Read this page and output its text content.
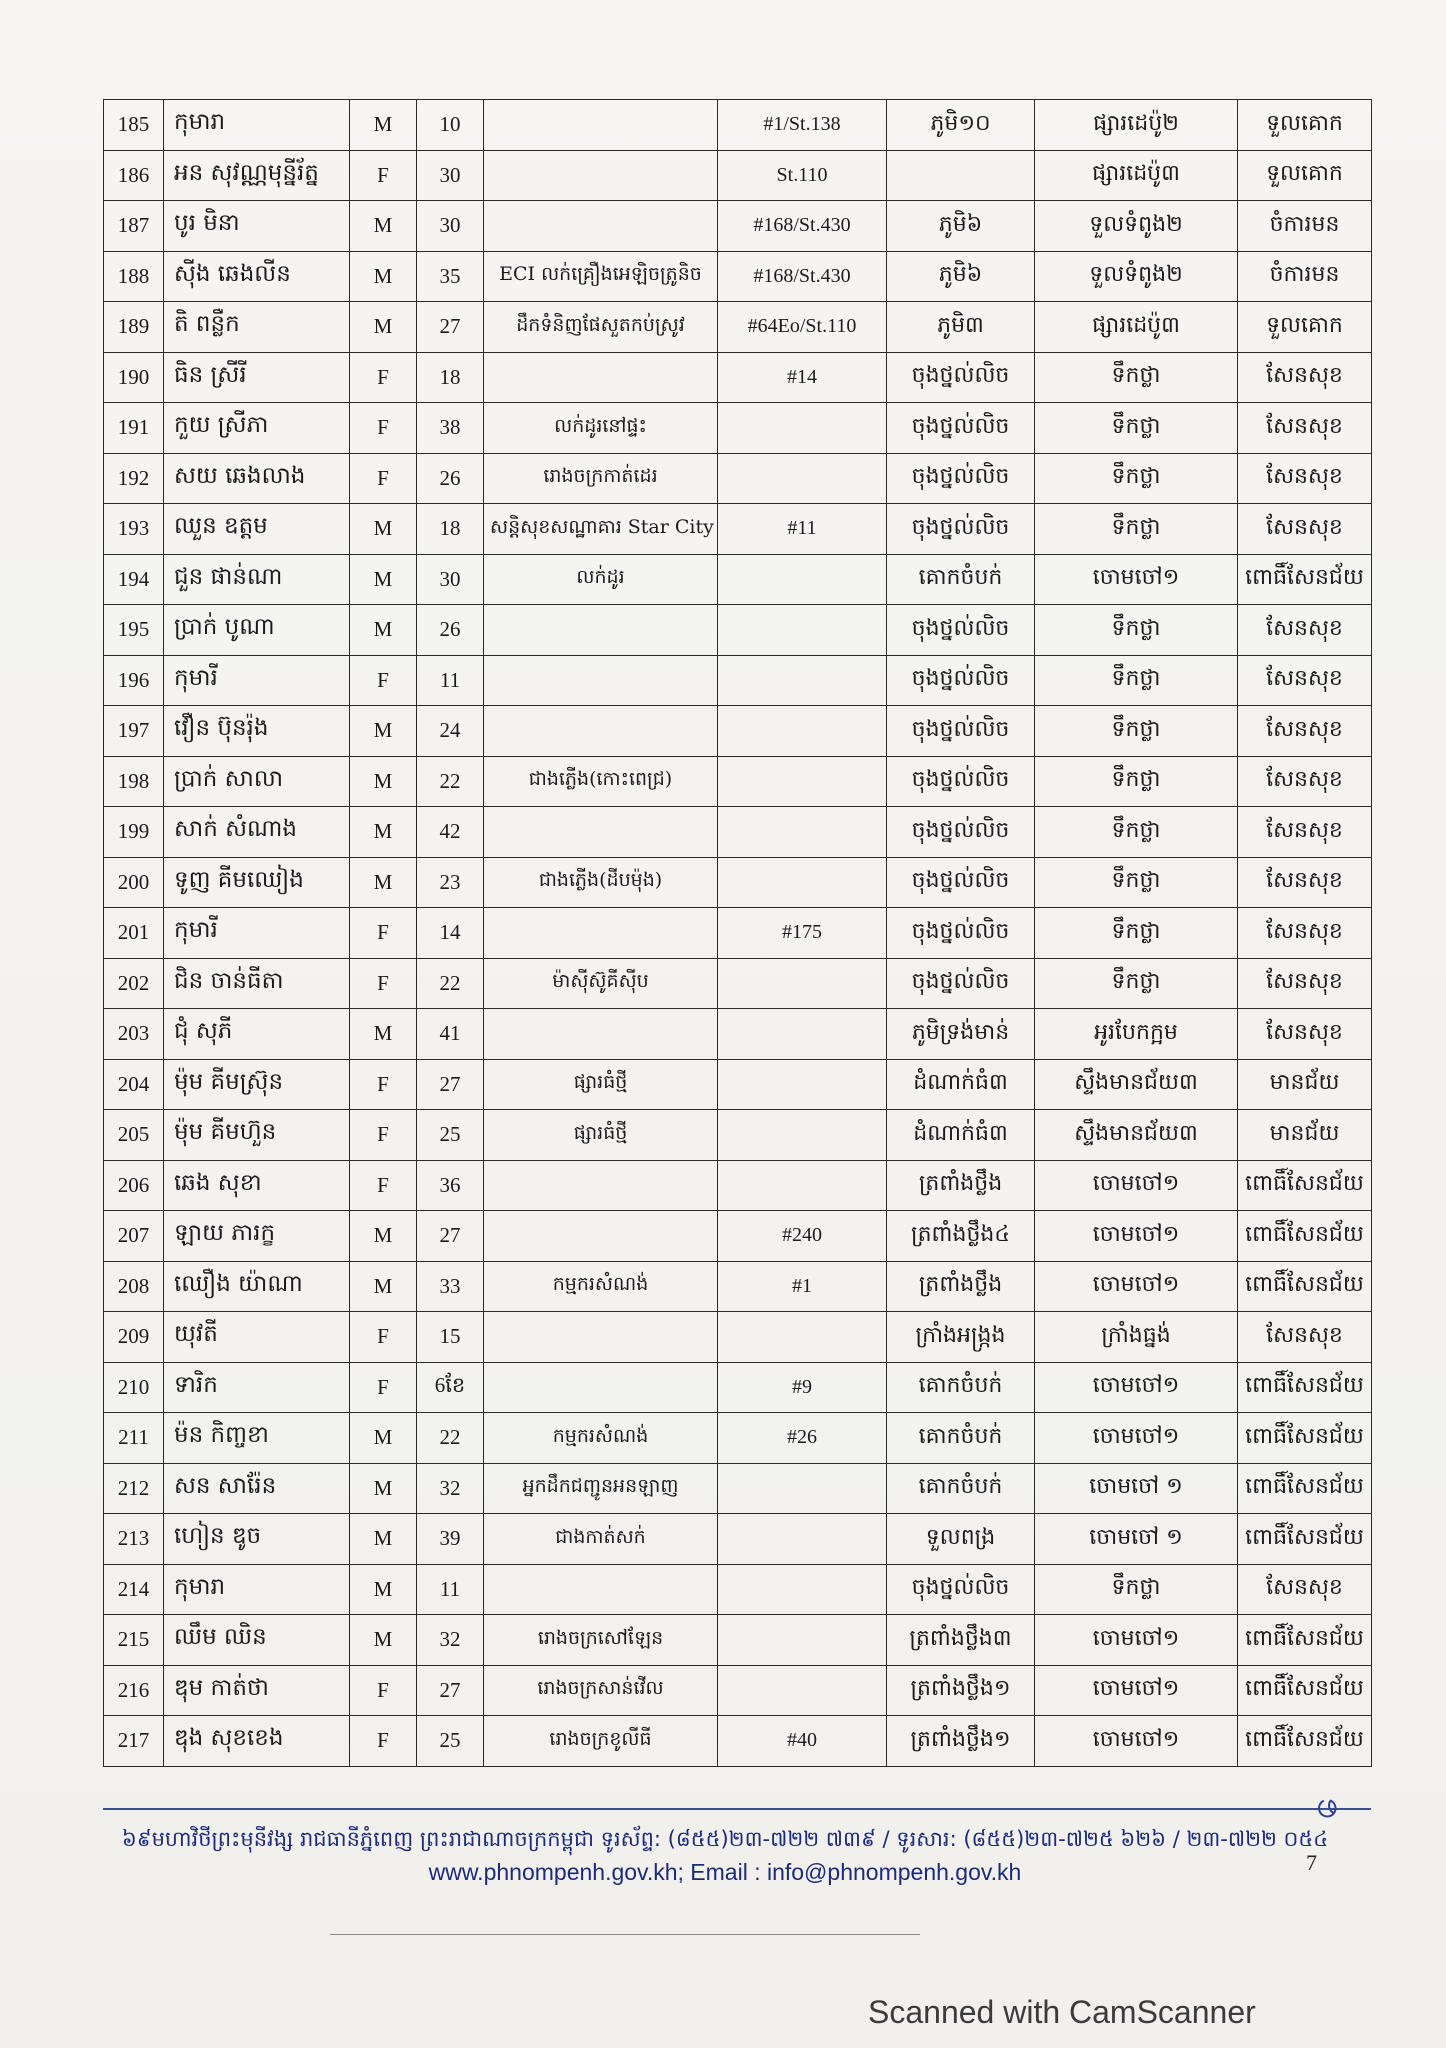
185	កុមារា	M	10		#1/St.138	ភូមិ១០	ផ្សារដេប៉ូ២	ទួលគោក
186	អន សុវណ្ណមុន្នីរ័ត្ន	F	30		St.110		ផ្សារដេប៉ូ៣	ទួលគោក
187	បូរ មិនា	M	30		#168/St.430	ភូមិ៦	ទួលទំពូង២	ចំការមន
188	ស៊ីង ឆេងលីន	M	35	ECI លក់គ្រឿងអេឡិចត្រូនិច	#168/St.430	ភូមិ៦	ទួលទំពូង២	ចំការមន
189	តិ ពន្លឺក	M	27	ដឹកទំនិញផែសួតកប់ស្រូវ	#64Eo/St.110	ភូមិ៣	ផ្សារដេប៉ូ៣	ទួលគោក
190	ធិន ស្រីរី	F	18		#14	ចុងថ្នល់លិច	ទឹកថ្លា	សែនសុខ
191	កួយ ស្រីភា	F	38	លក់ដូរនៅផ្ទះ		ចុងថ្នល់លិច	ទឹកថ្លា	សែនសុខ
192	សយ ឆេងលាង	F	26	រោងចក្រកាត់ដេរ		ចុងថ្នល់លិច	ទឹកថ្លា	សែនសុខ
193	ឈួន ឧត្តម	M	18	សន្តិសុខសណ្ឋាគារ Star City	#11	ចុងថ្នល់លិច	ទឹកថ្លា	សែនសុខ
194	ជួន ផាន់ណា	M	30	លក់ដូរ		គោកចំបក់	ចោមចៅ១	ពោធិ៍សែនជ័យ
195	ប្រាក់ បូណា	M	26			ចុងថ្នល់លិច	ទឹកថ្លា	សែនសុខ
196	កុមារី	F	11			ចុងថ្នល់លិច	ទឹកថ្លា	សែនសុខ
197	វឿន ប៊ុនរ៉ុង	M	24			ចុងថ្នល់លិច	ទឹកថ្លា	សែនសុខ
198	ប្រាក់ សាលា	M	22	ជាងភ្លើង(កោះពេជ្រ)		ចុងថ្នល់លិច	ទឹកថ្លា	សែនសុខ
199	សាក់ សំណាង	M	42			ចុងថ្នល់លិច	ទឹកថ្លា	សែនសុខ
200	ទូញ គីមឈៀង	M	23	ជាងភ្លើង(ដីបម៉ុង)		ចុងថ្នល់លិច	ទឹកថ្លា	សែនសុខ
201	កុមារី	F	14		#175	ចុងថ្នល់លិច	ទឹកថ្លា	សែនសុខ
202	ជិន ចាន់ធីតា	F	22	ម៉ាស៊ីស៊ូគីស៊ីប		ចុងថ្នល់លិច	ទឹកថ្លា	សែនសុខ
203	ជុំ សុភី	M	41			ភូមិទ្រង់មាន់	អូរបែកក្អម	សែនសុខ
204	ម៉ុម គីមស្រ៊ុន	F	27	ផ្សារធំថ្មី		ដំណាក់ធំ៣	ស្ទឹងមានជ័យ៣	មានជ័យ
205	ម៉ុម គីមហ៊ួន	F	25	ផ្សារធំថ្មី		ដំណាក់ធំ៣	ស្ទឹងមានជ័យ៣	មានជ័យ
206	ឆេង សុខា	F	36			ត្រពាំងថ្លឹង	ចោមចៅ១	ពោធិ៍សែនជ័យ
207	ឡាយ ភារក្ខ	M	27		#240	ត្រពាំងថ្លឹង៤	ចោមចៅ១	ពោធិ៍សែនជ័យ
208	ឈឿង យ៉ាណា	M	33	កម្មករសំណង់	#1	ត្រពាំងថ្លឹង	ចោមចៅ១	ពោធិ៍សែនជ័យ
209	យុវតី	F	15			ក្រាំងអង្រ្កង	ក្រាំងធ្នង់	សែនសុខ
210	ទារិក	F	6ខែ		#9	គោកចំបក់	ចោមចៅ១	ពោធិ៍សែនជ័យ
211	ម៉ន កិញ្ចខា	M	22	កម្មករសំណង់	#26	គោកចំបក់	ចោមចៅ១	ពោធិ៍សែនជ័យ
212	សន សារ៉ែន	M	32	អ្នកដឹកជញ្ជូនអនឡាញ		គោកចំបក់	ចោមចៅ ១	ពោធិ៍សែនជ័យ
213	ហៀន ឌូច	M	39	ជាងកាត់សក់		ទួលពង្រ	ចោមចៅ ១	ពោធិ៍សែនជ័យ
214	កុមារា	M	11			ចុងថ្នល់លិច	ទឹកថ្លា	សែនសុខ
215	ឈឹម ឈិន	M	32	រោងចក្រសៅឡែន		ត្រពាំងថ្លឹង៣	ចោមចៅ១	ពោធិ៍សែនជ័យ
216	ឌុម កាត់ថា	F	27	រោងចក្រសាន់វើល		ត្រពាំងថ្លឹង១	ចោមចៅ១	ពោធិ៍សែនជ័យ
217	ឌុង សុខខេង	F	25	រោងចក្រខូលីធី	#40	ត្រពាំងថ្លឹង១	ចោមចៅ១	ពោធិ៍សែនជ័យ
ဖ
៦៩មហាវិថីព្រះមុនីវង្ស រាជធានីភ្នំពេញ ព្រះរាជាណាចក្រកម្ពុជា ទូរស័ព្ទ: (៨៥៥)២៣-៧២២ ៧៣៩ / ទូរសារ: (៨៥៥)២៣-៧២៥ ៦២៦ / ២៣-៧២២ ០៥៤
www.phnompenh.gov.kh; Email : info@phnompenh.gov.kh	7
Scanned with CamScanner
